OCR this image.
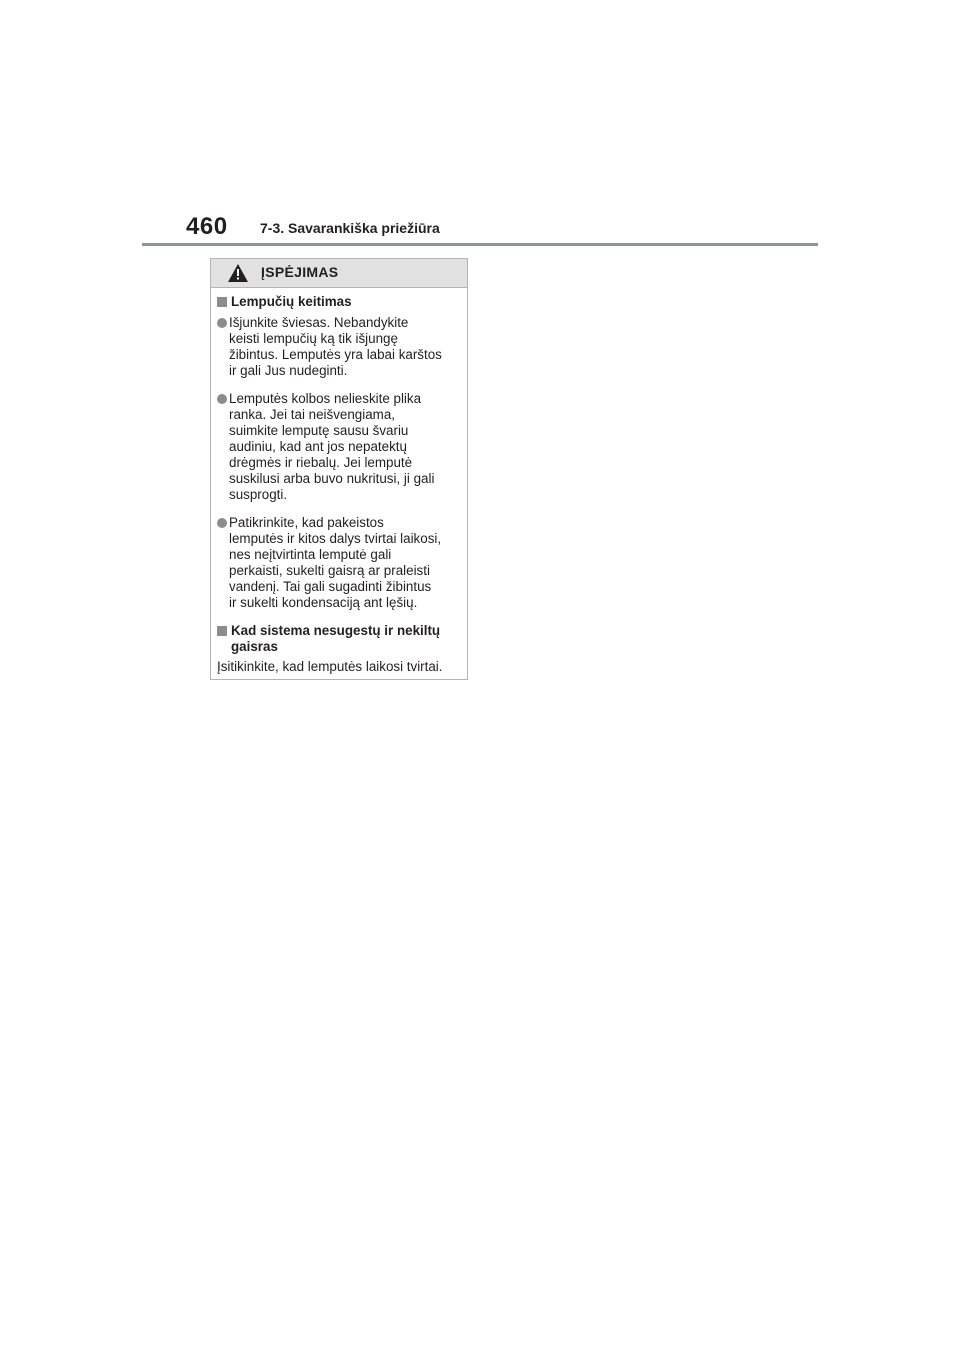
460 7-3. Savarankiška priežiūra
ĮSPĖJIMAS
Lempučių keitimas
Išjunkite šviesas. Nebandykite
keisti lempučių ką tik išjungę
žibintus. Lemputės yra labai karštos
ir gali Jus nudeginti.
Lemputės kolbos nelieskite plika
ranka. Jei tai neišvengiama,
suimkite lemputę sausu švariu
audiniu, kad ant jos nepatektų
drėgmės ir riebalų. Jei lemputė
suskilusi arba buvo nukritusi, ji gali
susprogti.
Patikrinkite, kad pakeistos
lemputės ir kitos dalys tvirtai laikosi,
nes neįtvirtinta lemputė gali
perkaisti, sukelti gaisrą ar praleisti
vandenį. Tai gali sugadinti žibintus
ir sukelti kondensaciją ant lęšių.
Kad sistema nesugestų ir nekiltų
gaisras
Įsitikinkite, kad lemputės laikosi tvirtai.
